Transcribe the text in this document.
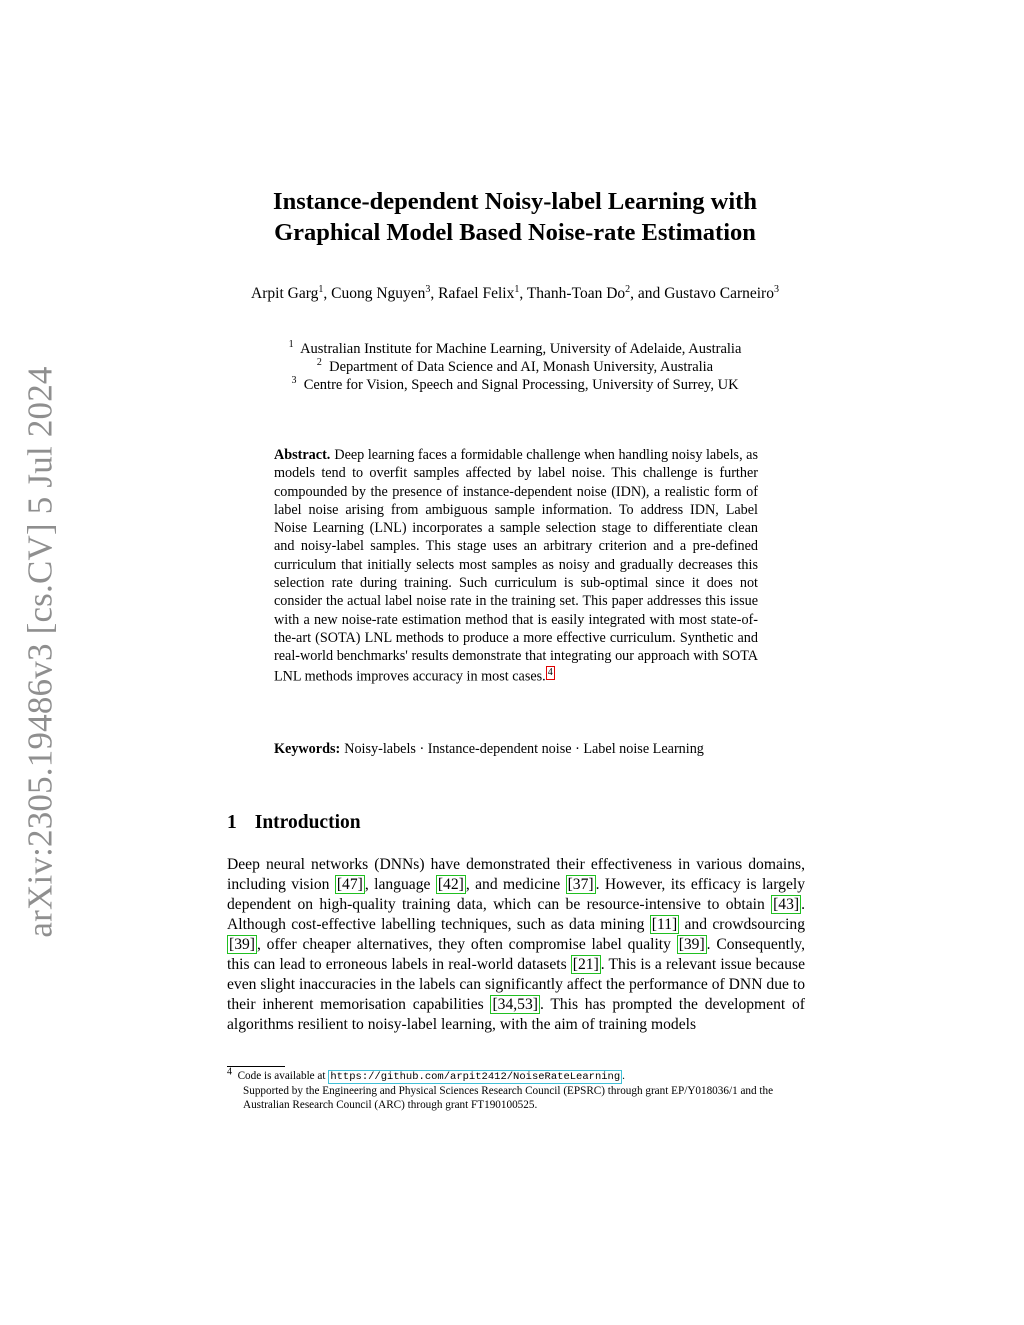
arXiv:2305.19486v3 [cs.CV] 5 Jul 2024
Instance-dependent Noisy-label Learning with
Graphical Model Based Noise-rate Estimation
Arpit Garg$^1$, Cuong Nguyen$^3$, Rafael Felix$^1$, Thanh-Toan Do$^2$, and Gustavo Carneiro$^3$
$^1$ Australian Institute for Machine Learning, University of Adelaide, Australia
$^2$ Department of Data Science and AI, Monash University, Australia
$^3$ Centre for Vision, Speech and Signal Processing, University of Surrey, UK
Abstract. Deep learning faces a formidable challenge when handling noisy labels, as models tend to overfit samples affected by label noise. This challenge is further compounded by the presence of instance-dependent noise (IDN), a realistic form of label noise arising from ambiguous sample information. To address IDN, Label Noise Learning (LNL) incorporates a sample selection stage to differentiate clean and noisy-label samples. This stage uses an arbitrary criterion and a pre-defined curriculum that initially selects most samples as noisy and gradually decreases this selection rate during training. Such curriculum is sub-optimal since it does not consider the actual label noise rate in the training set. This paper addresses this issue with a new noise-rate estimation method that is easily integrated with most state-of-the-art (SOTA) LNL methods to produce a more effective curriculum. Synthetic and real-world benchmarks' results demonstrate that integrating our approach with SOTA LNL methods improves accuracy in most cases. $^4$
Keywords: Noisy-labels · Instance-dependent noise · Label noise Learning
1 Introduction
Deep neural networks (DNNs) have demonstrated their effectiveness in various domains, including vision [47] , language [42] , and medicine [37] . However, its efficacy is largely dependent on high-quality training data, which can be resource-intensive to obtain [43] . Although cost-effective labelling techniques, such as data mining [11] and crowdsourcing [39] , offer cheaper alternatives, they often compromise label quality [39] . Consequently, this can lead to erroneous labels in real-world datasets [21] . This is a relevant issue because even slight inaccuracies in the labels can significantly affect the performance of DNN due to their inherent memorisation capabilities [34,53] . This has prompted the development of algorithms resilient to noisy-label learning, with the aim of training models
$^4$ Code is available at https://github.com/arpit2412/NoiseRateLearning .
Supported by the Engineering and Physical Sciences Research Council (EPSRC) through grant EP/Y018036/1 and the Australian Research Council (ARC) through grant FT190100525.
